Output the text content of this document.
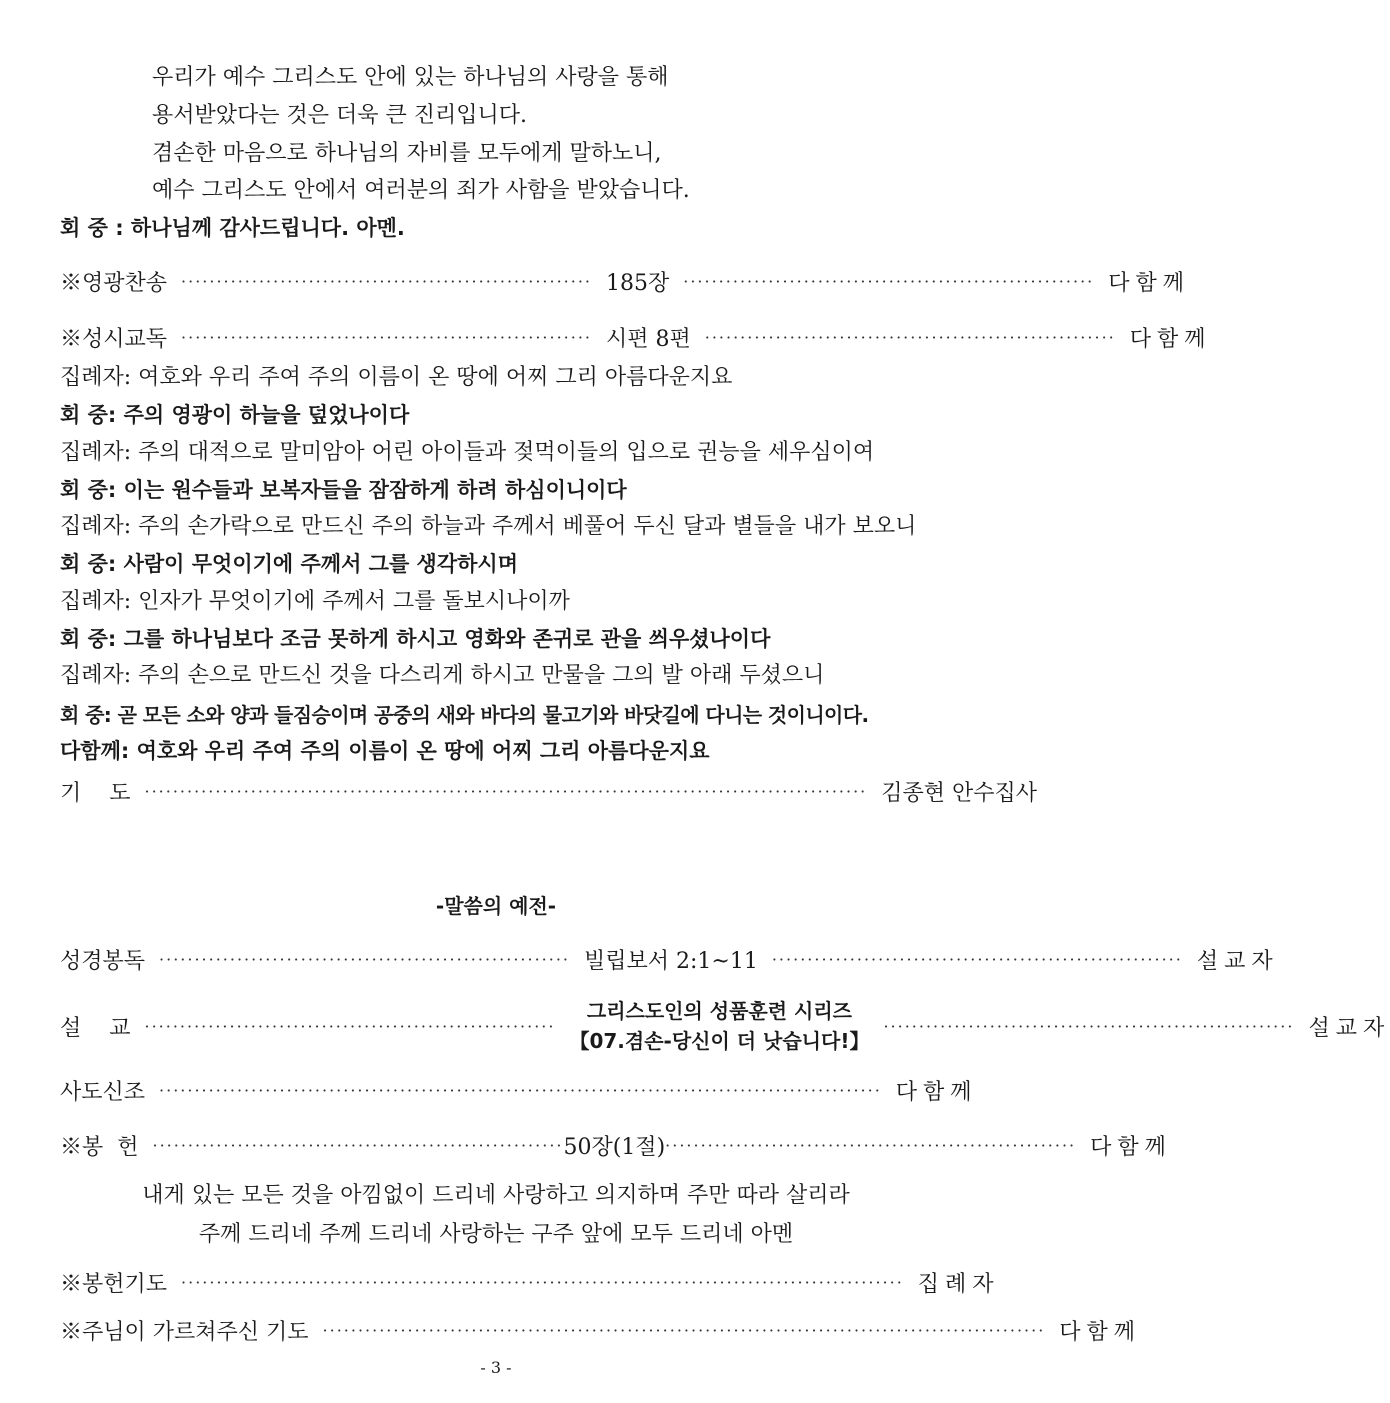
우리가 예수 그리스도 안에 있는 하나님의 사랑을 통해
용서받았다는 것은 더욱 큰 진리입니다.
겸손한 마음으로 하나님의 자비를 모두에게 말하노니,
예수 그리스도 안에서 여러분의 죄가 사함을 받았습니다.
회 중 : 하나님께 감사드립니다. 아멘.
※영광찬송 ·························································· 185장 ·························································· 다함께
※성시교독 ·························································· 시편 8편 ·························································· 다함께
집례자: 여호와 우리 주여 주의 이름이 온 땅에 어찌 그리 아름다운지요
회 중: 주의 영광이 하늘을 덮었나이다
집례자: 주의 대적으로 말미암아 어린 아이들과 젖먹이들의 입으로 권능을 세우심이여
회 중: 이는 원수들과 보복자들을 잠잠하게 하려 하심이니이다
집례자: 주의 손가락으로 만드신 주의 하늘과 주께서 베풀어 두신 달과 별들을 내가 보오니
회 중: 사람이 무엇이기에 주께서 그를 생각하시며
집례자: 인자가 무엇이기에 주께서 그를 돌보시나이까
회 중: 그를 하나님보다 조금 못하게 하시고 영화와 존귀로 관을 씌우셨나이다
집례자: 주의 손으로 만드신 것을 다스리게 하시고 만물을 그의 발 아래 두셨으니
회 중: 곧 모든 소와 양과 들짐승이며 공중의 새와 바다의 물고기와 바닷길에 다니는 것이니이다.
다함께: 여호와 우리 주여 주의 이름이 온 땅에 어찌 그리 아름다운지요
기    도 ······································································································ 김종현 안수집사
-말씀의 예전-
성경봉독 ·························································· 빌립보서 2:1~11 ·························································· 설교자
설    교 ··························································
그리스도인의 성품훈련 시리즈
【07.겸손-당신이 더 낫습니다!】
·························································· 설교자
사도신조 ······································································································ 다함께
※봉  헌 ·························································· 50장(1절) ·························································· 다함께
내게 있는 모든 것을 아낌없이 드리네 사랑하고 의지하며 주만 따라 살리라
주께 드리네 주께 드리네 사랑하는 구주 앞에 모두 드리네 아멘
※봉헌기도 ······································································································ 집례자
※주님이 가르쳐주신 기도 ······································································································ 다함께
- 3 -
